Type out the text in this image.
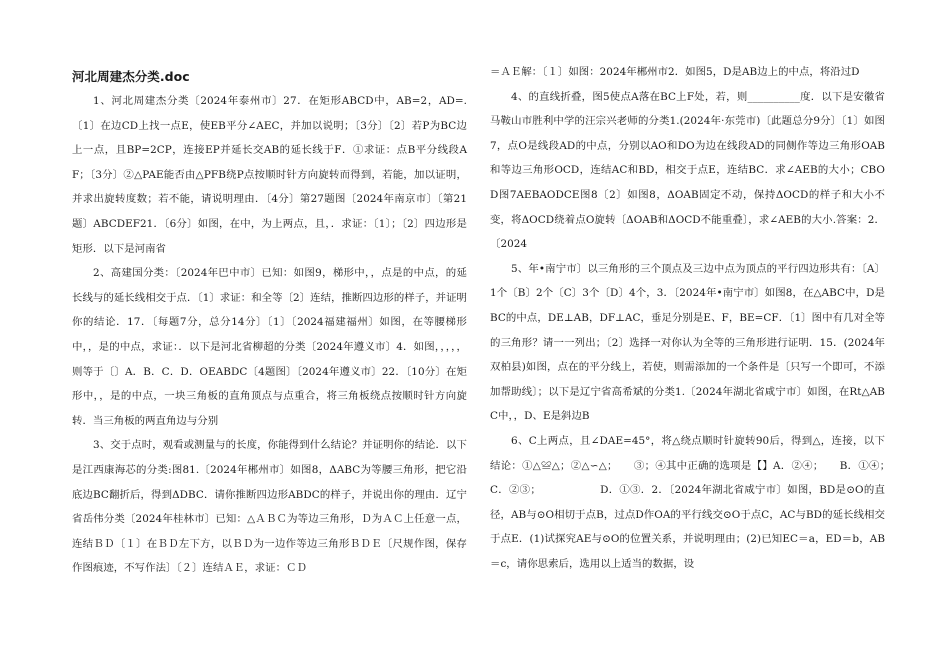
河北周建杰分类.doc

1、河北周建杰分类〔2024年泰州市〕27．在矩形ABCD中，AB=2，AD=.〔1〕在边CD上找一点E，使EB平分∠AEC，并加以说明；〔3分〕〔2〕若P为BC边上一点，且BP=2CP，连接EP并延长交AB的延长线于F．①求证：点B平分线段AF；〔3分〕②△PAE能否由△PFB绕P点按顺时针方向旋转而得到，若能，加以证明，并求出旋转度数；若不能，请说明理由．〔4分〕第27题图〔2024年南京市〕〔第21题〕ABCDEF21．〔6分〕如图，在中，为上两点，且，．求证：〔1〕；〔2〕四边形是矩形．以下是河南省

2、高建国分类：〔2024年巴中市〕已知：如图9，梯形中，，点是的中点，的延长线与的延长线相交于点．〔1〕求证：和全等〔2〕连结，推断四边形的样子，并证明你的结论．17．〔每题7分，总分14分〕〔1〕〔2024福建福州〕如图，在等腰梯形中，，是的中点，求证：．以下是河北省柳超的分类〔2024年遵义市〕4．如图，，，，，则等于〔〕A．B．C．D．OEABDC〔4题图〕〔2024年遵义市〕22．〔10分〕在矩形中，，是的中点，一块三角板的直角顶点与点重合，将三角板绕点按顺时针方向旋转．当三角板的两直角边与分别

3、交于点时，观看或测量与的长度，你能得到什么结论？并证明你的结论．以下是江西康海芯的分类:图81.〔2024年郴州市〕如图8，ΔABC为等腰三角形，把它沿底边BC翻折后，得到ΔDBC．请你推断四边形ABDC的样子，并说出你的理由．辽宁省岳伟分类〔2024年桂林市〕已知：△ＡＢＣ为等边三角形，Ｄ为ＡＣ上任意一点，连结ＢＤ〔１〕在ＢＤ左下方，以ＢＤ为一边作等边三角形ＢＤＥ〔尺规作图，保存作图痕迹，不写作法〕〔２〕连结ＡＥ，求证：ＣＤ

＝ＡＥ解：〔１〕如图：2024年郴州市2．如图5，D是AB边上的中点，将沿过D

4、的直线折叠，图5使点A落在BC上F处，若，则__________度．以下是安徽省马鞍山市胜利中学的汪宗兴老师的分类1.(2024年·东莞市)〔此题总分9分〕〔1〕如图7，点O是线段AD的中点，分别以AO和DO为边在线段AD的同侧作等边三角形OAB和等边三角形OCD，连结AC和BD，相交于点E，连结BC．求∠AEB的大小；CBOD图7AEBAODCE图8〔2〕如图8，ΔOAB固定不动，保持ΔOCD的样子和大小不变，将ΔOCD绕着点O旋转〔ΔOAB和ΔOCD不能重叠〕，求∠AEB的大小.答案：2．〔2024

5、年•南宁市〕以三角形的三个顶点及三边中点为顶点的平行四边形共有：〔A〕1个〔B〕2个〔C〕3个〔D〕4个，3．〔2024年•南宁市〕如图8，在△ABC中，D是BC的中点，DE⊥AB，DF⊥AC，垂足分别是E、F，BE=CF．〔1〕图中有几对全等的三角形？请一一列出；〔2〕选择一对你认为全等的三角形进行证明．15．(2024年双柏县)如图，点在的平分线上，若使，则需添加的一个条件是〔只写一个即可，不添加帮助线〕；以下是辽宁省高希斌的分类1.〔2024年湖北省咸宁市〕如图，在Rt△ABC中，，D、E是斜边B

6、C上两点，且∠DAE=45°，将△绕点顺时针旋转90后，得到△，连接，以下结论：①△≌△；②△∽△；　　③；④其中正确的选项是【】A．②④；　　B．①④；　　C．②③；　　　　　　D．①③．2．〔2024年湖北省咸宁市〕如图，BD是⊙O的直径，AB与⊙O相切于点B，过点D作OA的平行线交⊙O于点C，AC与BD的延长线相交于点E．(1)试探究AE与⊙O的位置关系，并说明理由；(2)已知EC＝a，ED＝b，AB＝c，请你思索后，选用以上适当的数据，设
